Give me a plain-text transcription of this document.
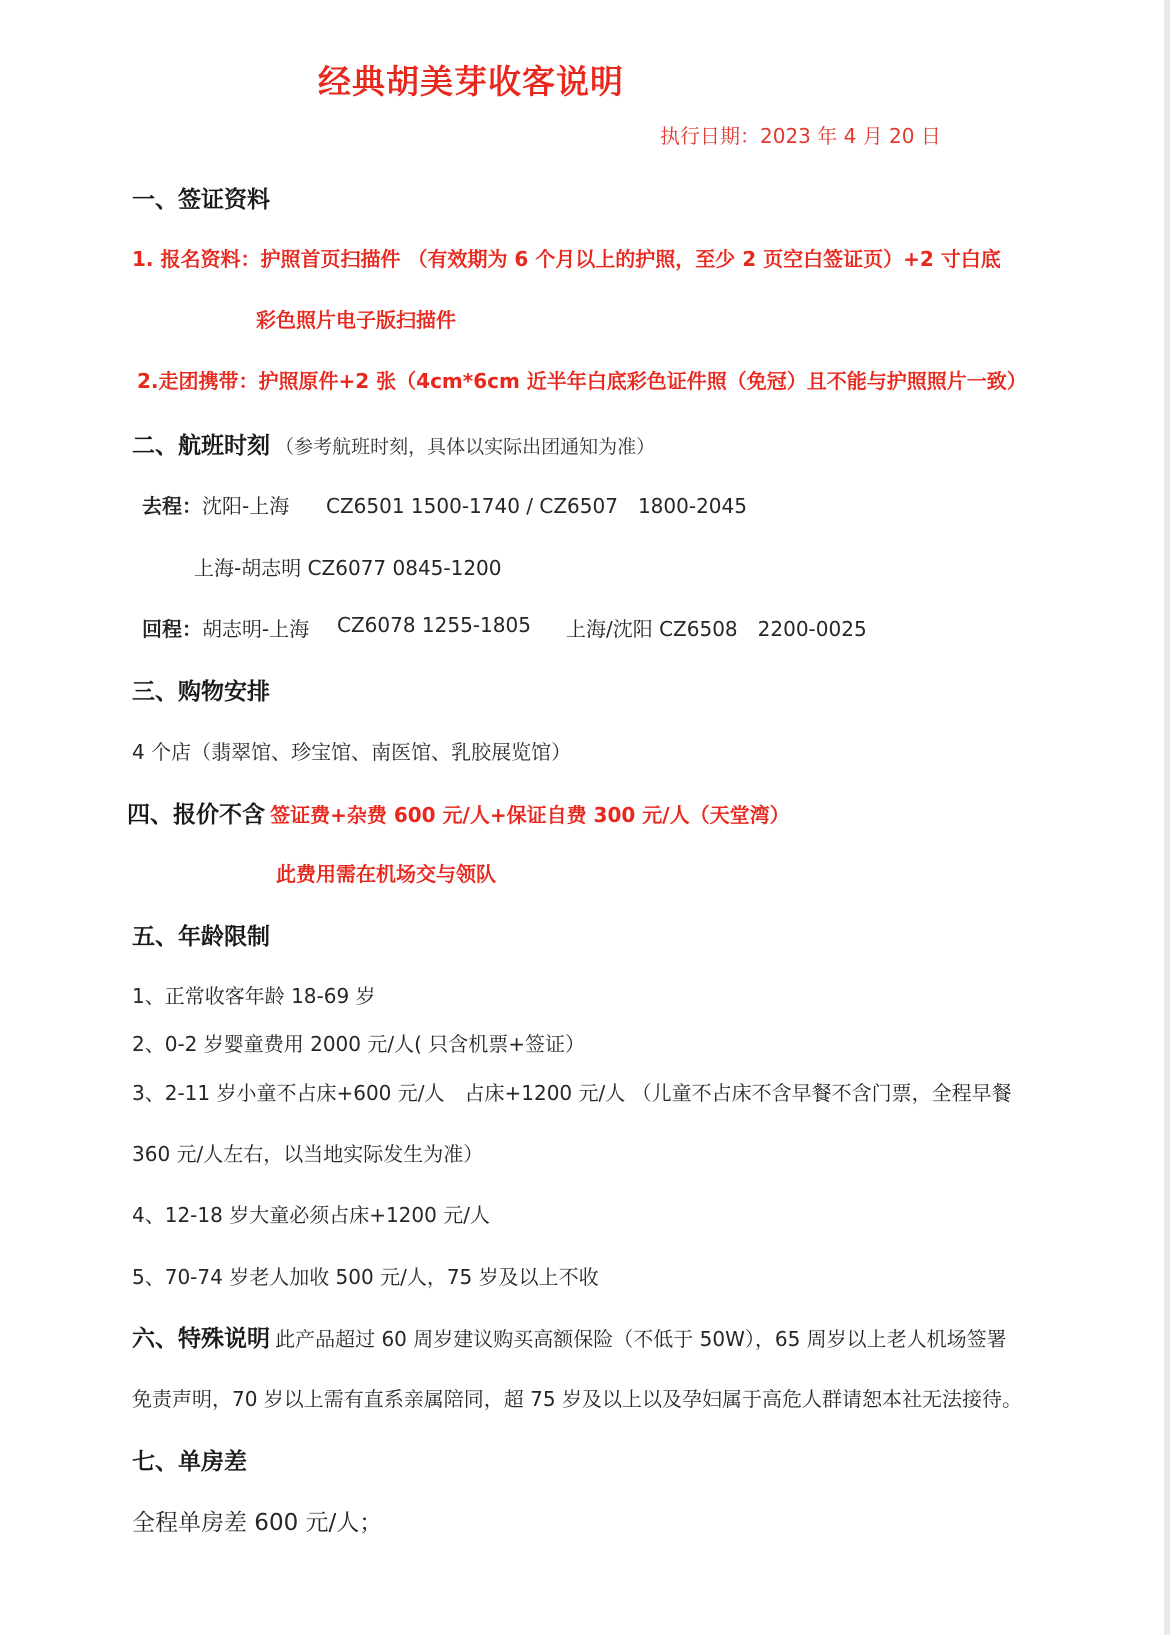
经典胡美芽收客说明
执行日期：2023 年 4 月 20 日
一、签证资料
1. 报名资料：护照首页扫描件 （有效期为 6 个月以上的护照，至少 2 页空白签证页）+2 寸白底
彩色照片电子版扫描件
2.走团携带：护照原件+2 张（4cm*6cm 近半年白底彩色证件照（免冠）且不能与护照照片一致）
二、航班时刻 （参考航班时刻，具体以实际出团通知为准）
去程：沈阳-上海 CZ6501 1500-1740 / CZ6507　1800-2045
上海-胡志明 CZ6077 0845-1200
回程：胡志明-上海 CZ6078 1255-1805 上海/沈阳 CZ6508　2200-0025
三、购物安排
4 个店（翡翠馆、珍宝馆、南医馆、乳胶展览馆）
四、报价不含 签证费+杂费 600 元/人+保证自费 300 元/人（天堂湾）
此费用需在机场交与领队
五、年龄限制
1、正常收客年龄 18-69 岁
2、0-2 岁婴童费用 2000 元/人( 只含机票+签证）
3、2-11 岁小童不占床+600 元/人　占床+1200 元/人 （儿童不占床不含早餐不含门票，全程早餐
360 元/人左右，以当地实际发生为准）
4、12-18 岁大童必须占床+1200 元/人
5、70-74 岁老人加收 500 元/人，75 岁及以上不收
六、特殊说明 此产品超过 60 周岁建议购买高额保险（不低于 50W），65 周岁以上老人机场签署
免责声明，70 岁以上需有直系亲属陪同，超 75 岁及以上以及孕妇属于高危人群请恕本社无法接待。
七、单房差
全程单房差 600 元/人；
